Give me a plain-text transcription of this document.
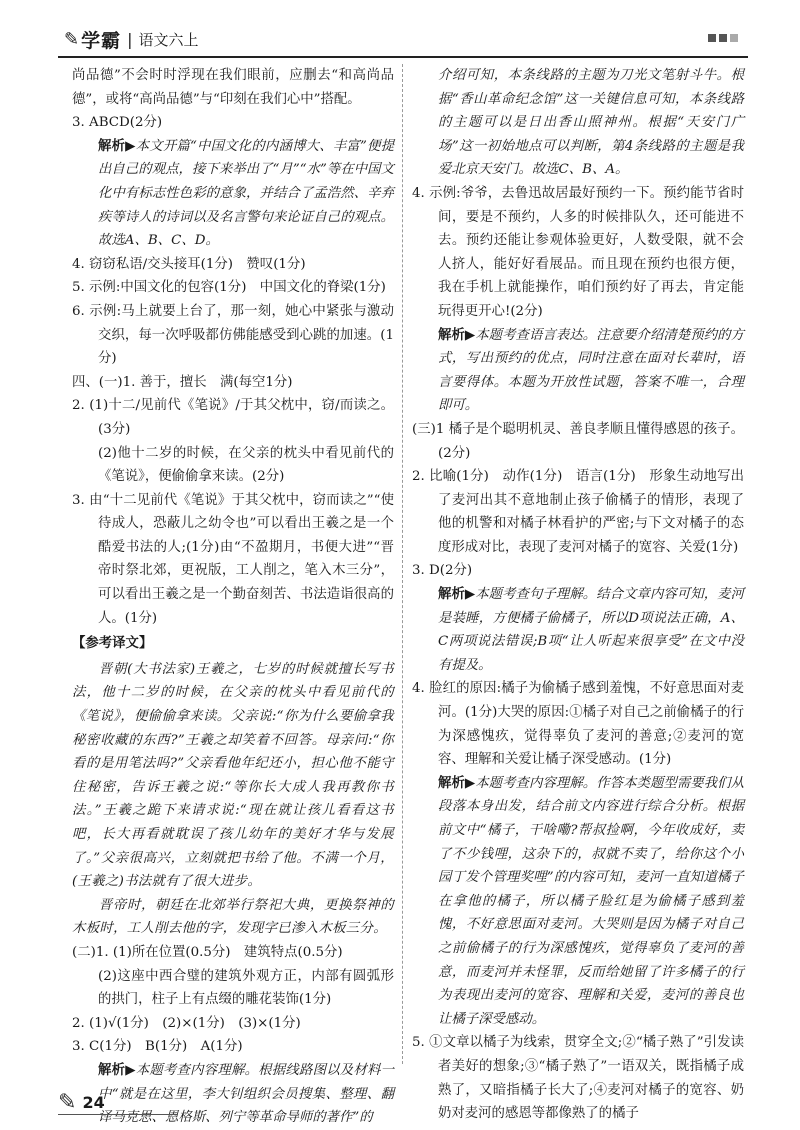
✎ 学霸 | 语文六上

尚品德”不会时时浮现在我们眼前，应删去“和高尚品德”，或将“高尚品德”与“印刻在我们心中”搭配。

3. ABCD(2分)

解析▶本文开篇“中国文化的内涵博大、丰富”便提出自己的观点，接下来举出了“月”“水”等在中国文化中有标志性色彩的意象，并结合了孟浩然、辛弃疾等诗人的诗词以及名言警句来论证自己的观点。故选A、B、C、D。

4. 窃窃私语/交头接耳(1分)　赞叹(1分)

5. 示例:中国文化的包容(1分)　中国文化的脊梁(1分)

6. 示例:马上就要上台了，那一刻，她心中紧张与激动交织，每一次呼吸都仿佛能感受到心跳的加速。(1分)

四、(一)1. 善于，擅长　满(每空1分)

2. (1)十二/见前代《笔说》/于其父枕中，窃/而读之。(3分)

(2)他十二岁的时候，在父亲的枕头中看见前代的《笔说》，便偷偷拿来读。(2分)

3. 由“十二见前代《笔说》于其父枕中，窃而读之”“使待成人，恐蔽儿之幼令也”可以看出王羲之是一个酷爱书法的人;(1分)由“不盈期月，书便大进”“晋帝时祭北郊，更祝版，工人削之，笔入木三分”，可以看出王羲之是一个勤奋刻苦、书法造诣很高的人。(1分)

【参考译文】

晋朝(大书法家)王羲之，七岁的时候就擅长写书法，他十二岁的时候，在父亲的枕头中看见前代的《笔说》，便偷偷拿来读。父亲说:“你为什么要偷拿我秘密收藏的东西?”王羲之却笑着不回答。母亲问:“你看的是用笔法吗?”父亲看他年纪还小，担心他不能守住秘密，告诉王羲之说:“等你长大成人我再教你书法。”王羲之跪下来请求说:“现在就让孩儿看看这书吧，长大再看就耽误了孩儿幼年的美好才华与发展了。”父亲很高兴，立刻就把书给了他。不满一个月，(王羲之)书法就有了很大进步。

晋帝时，朝廷在北郊举行祭祀大典，更换祭神的木板时，工人削去他的字，发现字已渗入木板三分。

(二)1. (1)所在位置(0.5分)　建筑特点(0.5分)

(2)这座中西合璧的建筑外观方正，内部有圆弧形的拱门，柱子上有点缀的雕花装饰(1分)

2. (1)√(1分)　(2)×(1分)　(3)×(1分)

3. C(1分)　B(1分)　A(1分)

解析▶本题考查内容理解。根据线路图以及材料一中“就是在这里，李大钊组织会员搜集、整理、翻译马克思、恩格斯、列宁等革命导师的著作”的

介绍可知，本条线路的主题为刀光文笔射斗牛。根据“香山革命纪念馆”这一关键信息可知，本条线路的主题可以是日出香山照神州。根据“天安门广场”这一初始地点可以判断，第4条线路的主题是我爱北京天安门。故选C、B、A。

4. 示例:爷爷，去鲁迅故居最好预约一下。预约能节省时间，要是不预约，人多的时候排队久，还可能进不去。预约还能让参观体验更好，人数受限，就不会人挤人，能好好看展品。而且现在预约也很方便，我在手机上就能操作，咱们预约好了再去，肯定能玩得更开心!(2分)

解析▶本题考查语言表达。注意要介绍清楚预约的方式，写出预约的优点，同时注意在面对长辈时，语言要得体。本题为开放性试题，答案不唯一，合理即可。

(三)1 橘子是个聪明机灵、善良孝顺且懂得感恩的孩子。(2分)

2. 比喻(1分)　动作(1分)　语言(1分)　形象生动地写出了麦河出其不意地制止孩子偷橘子的情形，表现了他的机警和对橘子林看护的严密;与下文对橘子的态度形成对比，表现了麦河对橘子的宽容、关爱(1分)

3. D(2分)

解析▶本题考查句子理解。结合文章内容可知，麦河是装睡，方便橘子偷橘子，所以D项说法正确，A、C两项说法错误;B项“让人听起来很享受”在文中没有提及。

4. 脸红的原因:橘子为偷橘子感到羞愧，不好意思面对麦河。(1分)大哭的原因:①橘子对自己之前偷橘子的行为深感愧疚，觉得辜负了麦河的善意;②麦河的宽容、理解和关爱让橘子深受感动。(1分)

解析▶本题考查内容理解。作答本类题型需要我们从段落本身出发，结合前文内容进行综合分析。根据前文中“橘子，干啥嘞?帮叔捡啊，今年收成好，卖了不少钱哩，这杂下的，叔就不卖了，给你这个小园丁发个管理奖哩”的内容可知，麦河一直知道橘子在拿他的橘子，所以橘子脸红是为偷橘子感到羞愧，不好意思面对麦河。大哭则是因为橘子对自己之前偷橘子的行为深感愧疚，觉得辜负了麦河的善意，而麦河并未怪罪，反而给她留了许多橘子的行为表现出麦河的宽容、理解和关爱，麦河的善良也让橘子深受感动。

5. ①文章以橘子为线索，贯穿全文;②“橘子熟了”引发读者美好的想象;③“橘子熟了”一语双关，既指橘子成熟了，又暗指橘子长大了;④麦河对橘子的宽容、奶奶对麦河的感恩等都像熟了的橘子

✎ 24
